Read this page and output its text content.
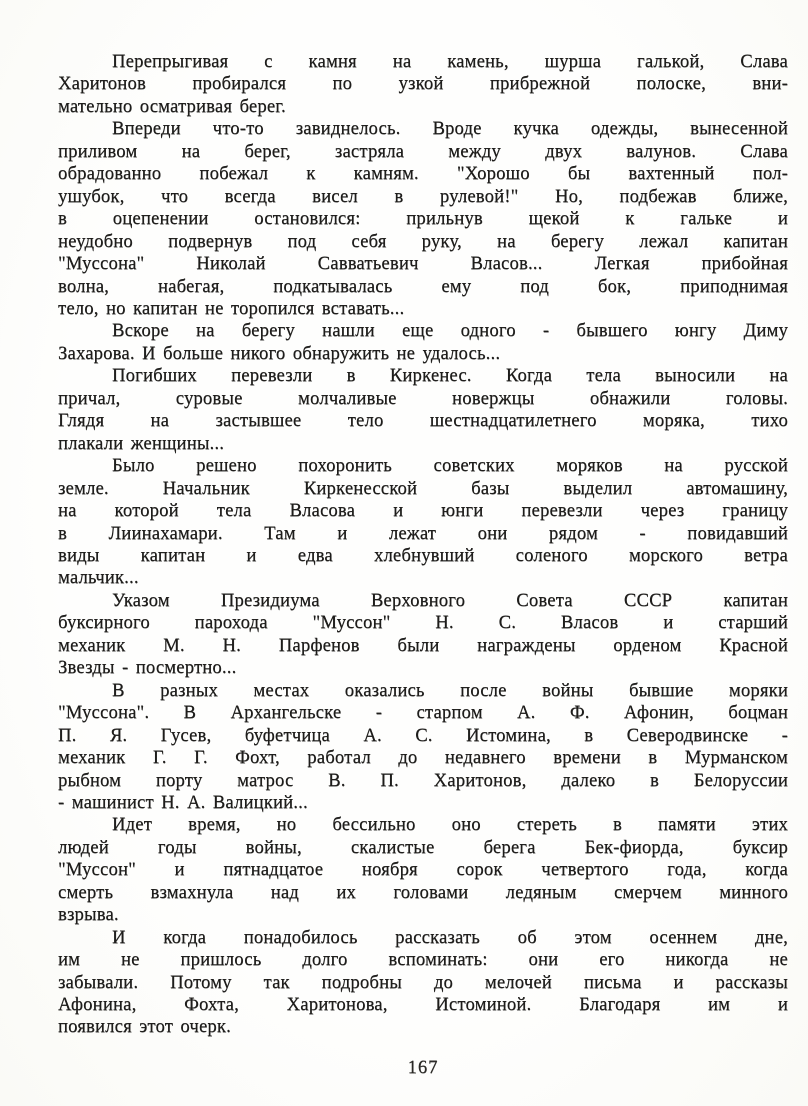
Перепрыгивая с камня на камень, шурша галькой, Слава
Харитонов пробирался по узкой прибрежной полоске, вни-
мательно осматривая берег.
Впереди что-то завиднелось. Вроде кучка одежды, вынесенной
приливом на берег, застряла между двух валунов. Слава
обрадованно побежал к камням. "Хорошо бы вахтенный пол-
ушубок, что всегда висел в рулевой!" Но, подбежав ближе,
в оцепенении остановился: прильнув щекой к гальке и
неудобно подвернув под себя руку, на берегу лежал капитан
"Муссона" Николай Савватьевич Власов... Легкая прибойная
волна, набегая, подкатывалась ему под бок, приподнимая
тело, но капитан не торопился вставать...
Вскоре на берегу нашли еще одного - бывшего юнгу Диму
Захарова. И больше никого обнаружить не удалось...
Погибших перевезли в Киркенес. Когда тела выносили на
причал, суровые молчаливые новержцы обнажили головы.
Глядя на застывшее тело шестнадцатилетнего моряка, тихо
плакали женщины...
Было решено похоронить советских моряков на русской
земле. Начальник Киркенесской базы выделил автомашину,
на которой тела Власова и юнги перевезли через границу
в Лиинахамари. Там и лежат они рядом - повидавший
виды капитан и едва хлебнувший соленого морского ветра
мальчик...
Указом Президиума Верховного Совета СССР капитан
буксирного парохода "Муссон" Н. С. Власов и старший
механик М. Н. Парфенов были награждены орденом Красной
Звезды - посмертно...
В разных местах оказались после войны бывшие моряки
"Муссона". В Архангельске - старпом А. Ф. Афонин, боцман
П. Я. Гусев, буфетчица А. С. Истомина, в Северодвинске -
механик Г. Г. Фохт, работал до недавнего времени в Мурманском
рыбном порту матрос В. П. Харитонов, далеко в Белоруссии
- машинист Н. А. Валицкий...
Идет время, но бессильно оно стереть в памяти этих
людей годы войны, скалистые берега Бек-фиорда, буксир
"Муссон" и пятнадцатое ноября сорок четвертого года, когда
смерть взмахнула над их головами ледяным смерчем минного
взрыва.
И когда понадобилось рассказать об этом осеннем дне,
им не пришлось долго вспоминать: они его никогда не
забывали. Потому так подробны до мелочей письма и рассказы
Афонина, Фохта, Харитонова, Истоминой. Благодаря им и
появился этот очерк.
167
